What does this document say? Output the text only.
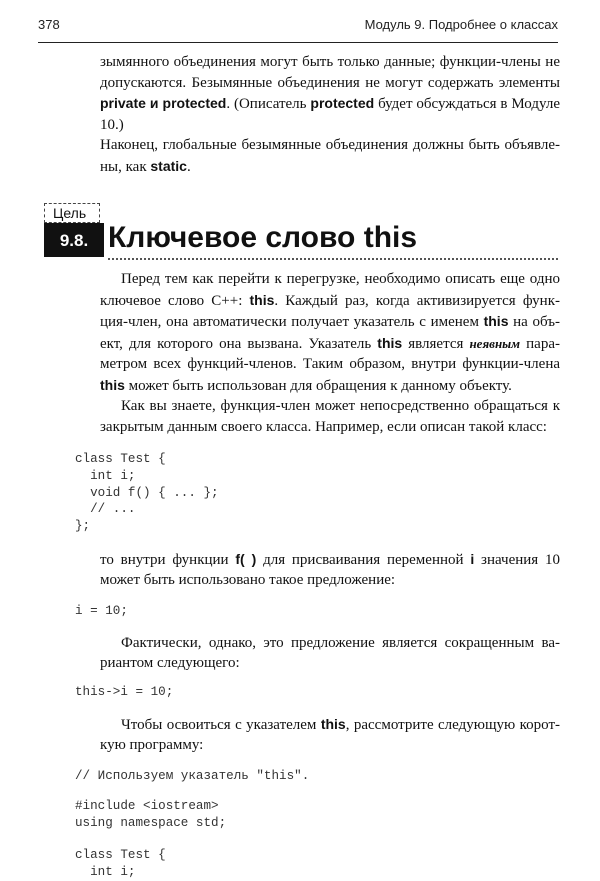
378	Модуль 9. Подробнее о классах
зымянного объединения могут быть только данные; функции-члены не
допускаются. Безымянные объединения не могут содержать элементы
private и protected. (Описатель protected будет обсуждаться в Модуле 10.)
Наконец, глобальные безымянные объединения должны быть объявле-
ны, как static.
Цель
9.8. Ключевое слово this
Перед тем как перейти к перегрузке, необходимо описать еще одно
ключевое слово С++: this. Каждый раз, когда активизируется функ-
ция-член, она автоматически получает указатель с именем this на объ-
ект, для которого она вызвана. Указатель this является неявным пара-
метром всех функций-членов. Таким образом, внутри функции-члена
this может быть использован для обращения к данному объекту.
Как вы знаете, функция-член может непосредственно обращаться к
закрытым данным своего класса. Например, если описан такой класс:
class Test {
int i;
void f() { ... };
// ...
};
то внутри функции f( ) для присваивания переменной i значения 10
может быть использовано такое предложение:
i = 10;
Фактически, однако, это предложение является сокращенным ва-
риантом следующего:
this->i = 10;
Чтобы освоиться с указателем this, рассмотрите следующую корот-
кую программу:
// Используем указатель "this".
#include <iostream>
using namespace std;
class Test {
int i;
